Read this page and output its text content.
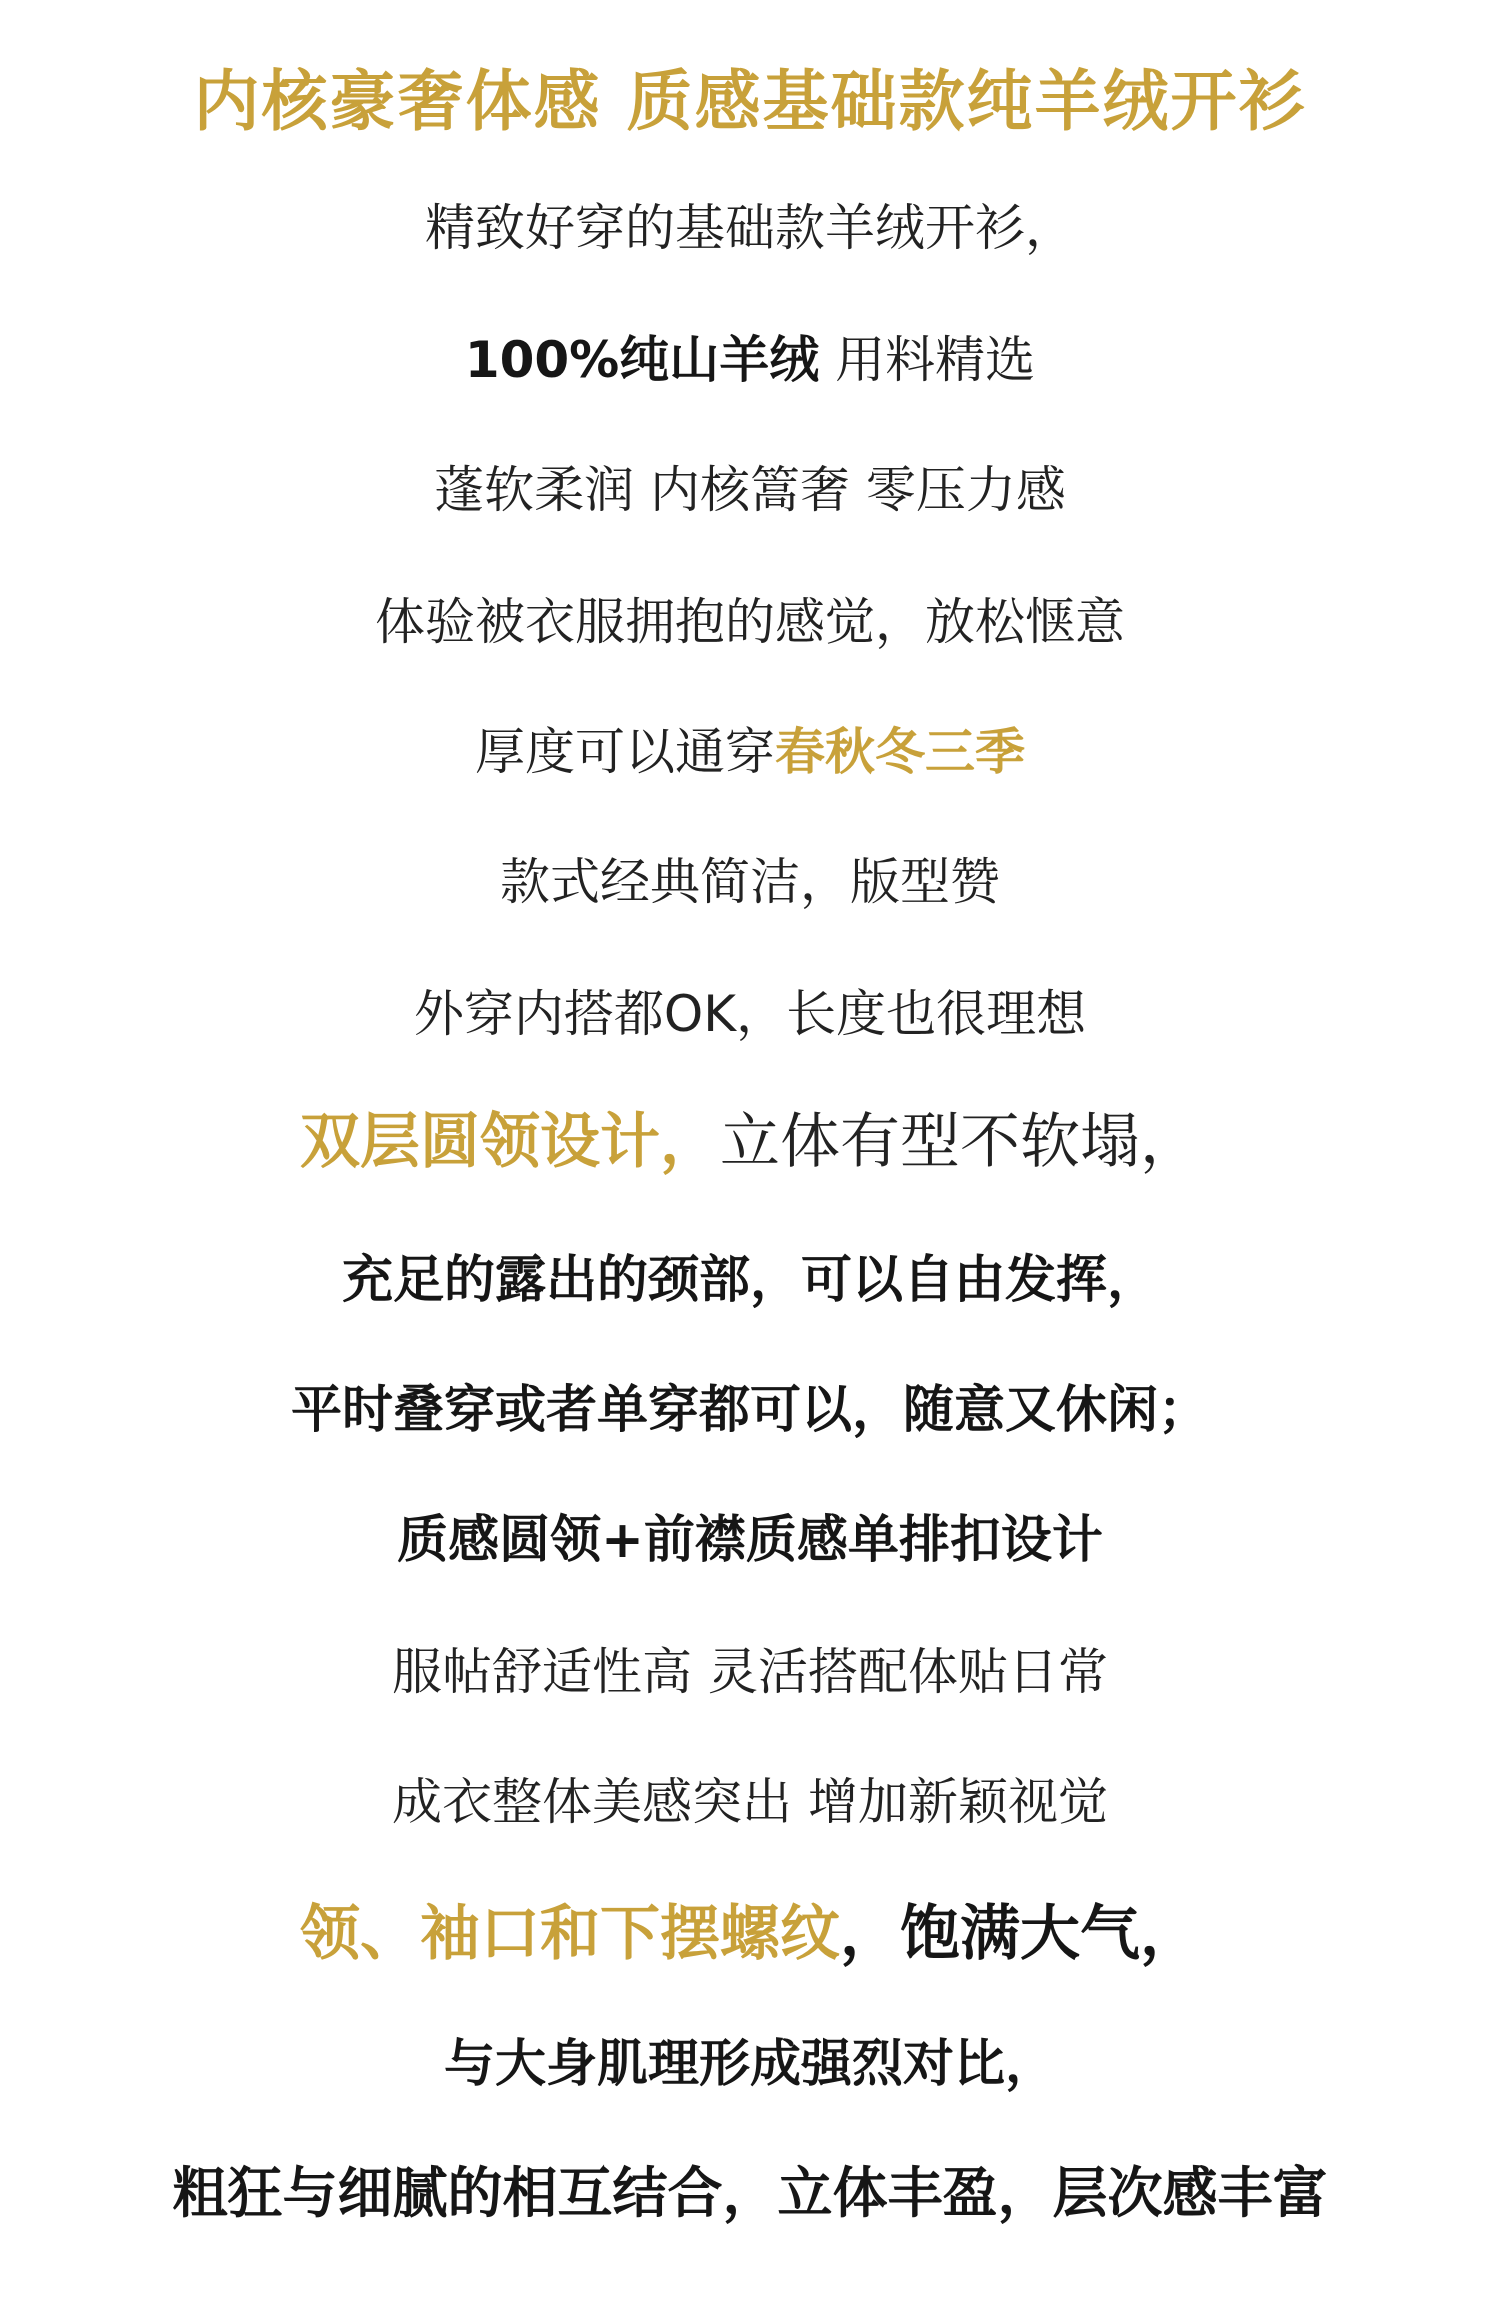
内核豪奢体感 质感基础款纯羊绒开衫
精致好穿的基础款羊绒开衫，
100%纯山羊绒 用料精选
蓬软柔润 内核篙奢 零压力感
体验被衣服拥抱的感觉，放松惬意
厚度可以通穿春秋冬三季
款式经典简洁，版型赞
外穿内搭都OK，长度也很理想
双层圆领设计，立体有型不软塌，
充足的露出的颈部，可以自由发挥，
平时叠穿或者单穿都可以，随意又休闲；
质感圆领+前襟质感单排扣设计
服帖舒适性高 灵活搭配体贴日常
成衣整体美感突出 增加新颖视觉
领、袖口和下摆螺纹，饱满大气，
与大身肌理形成强烈对比，
粗狂与细腻的相互结合，立体丰盈，层次感丰富
